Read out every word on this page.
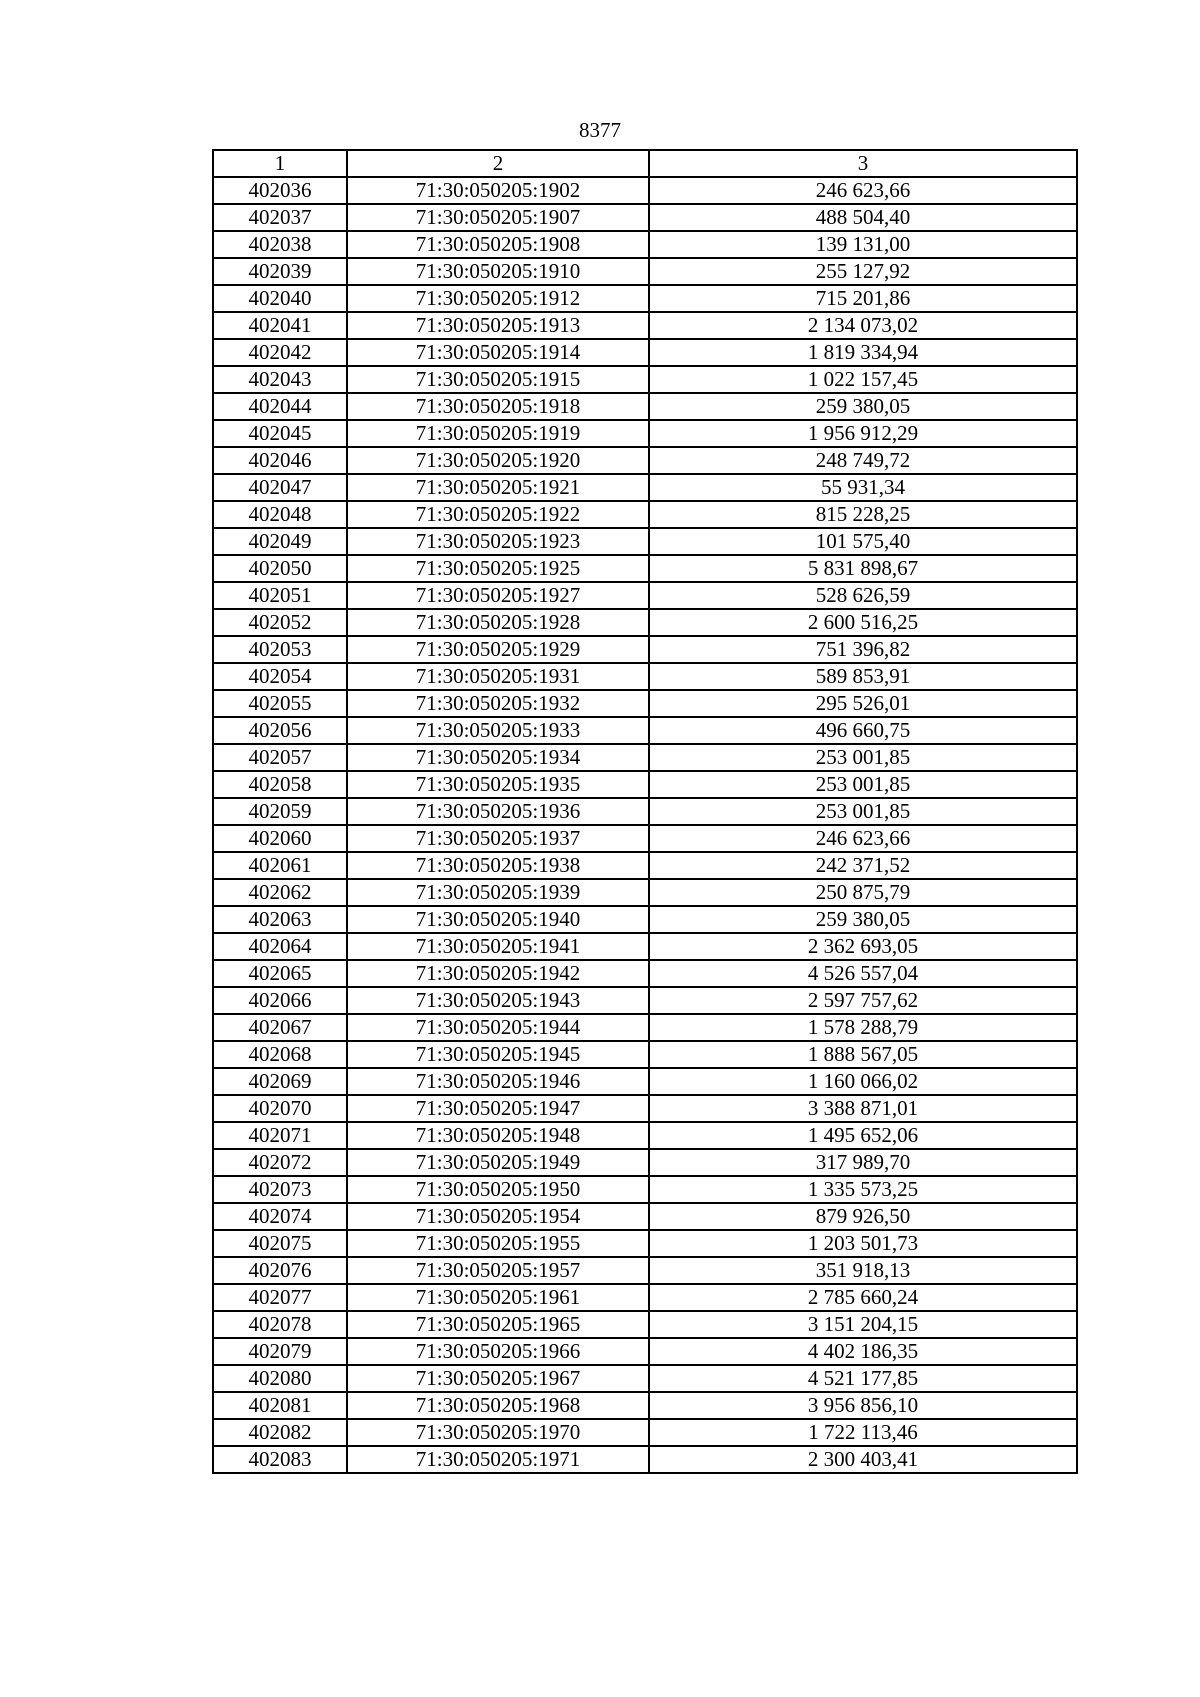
8377
1	2	3
402036	71:30:050205:1902	246 623,66
402037	71:30:050205:1907	488 504,40
402038	71:30:050205:1908	139 131,00
402039	71:30:050205:1910	255 127,92
402040	71:30:050205:1912	715 201,86
402041	71:30:050205:1913	2 134 073,02
402042	71:30:050205:1914	1 819 334,94
402043	71:30:050205:1915	1 022 157,45
402044	71:30:050205:1918	259 380,05
402045	71:30:050205:1919	1 956 912,29
402046	71:30:050205:1920	248 749,72
402047	71:30:050205:1921	55 931,34
402048	71:30:050205:1922	815 228,25
402049	71:30:050205:1923	101 575,40
402050	71:30:050205:1925	5 831 898,67
402051	71:30:050205:1927	528 626,59
402052	71:30:050205:1928	2 600 516,25
402053	71:30:050205:1929	751 396,82
402054	71:30:050205:1931	589 853,91
402055	71:30:050205:1932	295 526,01
402056	71:30:050205:1933	496 660,75
402057	71:30:050205:1934	253 001,85
402058	71:30:050205:1935	253 001,85
402059	71:30:050205:1936	253 001,85
402060	71:30:050205:1937	246 623,66
402061	71:30:050205:1938	242 371,52
402062	71:30:050205:1939	250 875,79
402063	71:30:050205:1940	259 380,05
402064	71:30:050205:1941	2 362 693,05
402065	71:30:050205:1942	4 526 557,04
402066	71:30:050205:1943	2 597 757,62
402067	71:30:050205:1944	1 578 288,79
402068	71:30:050205:1945	1 888 567,05
402069	71:30:050205:1946	1 160 066,02
402070	71:30:050205:1947	3 388 871,01
402071	71:30:050205:1948	1 495 652,06
402072	71:30:050205:1949	317 989,70
402073	71:30:050205:1950	1 335 573,25
402074	71:30:050205:1954	879 926,50
402075	71:30:050205:1955	1 203 501,73
402076	71:30:050205:1957	351 918,13
402077	71:30:050205:1961	2 785 660,24
402078	71:30:050205:1965	3 151 204,15
402079	71:30:050205:1966	4 402 186,35
402080	71:30:050205:1967	4 521 177,85
402081	71:30:050205:1968	3 956 856,10
402082	71:30:050205:1970	1 722 113,46
402083	71:30:050205:1971	2 300 403,41
